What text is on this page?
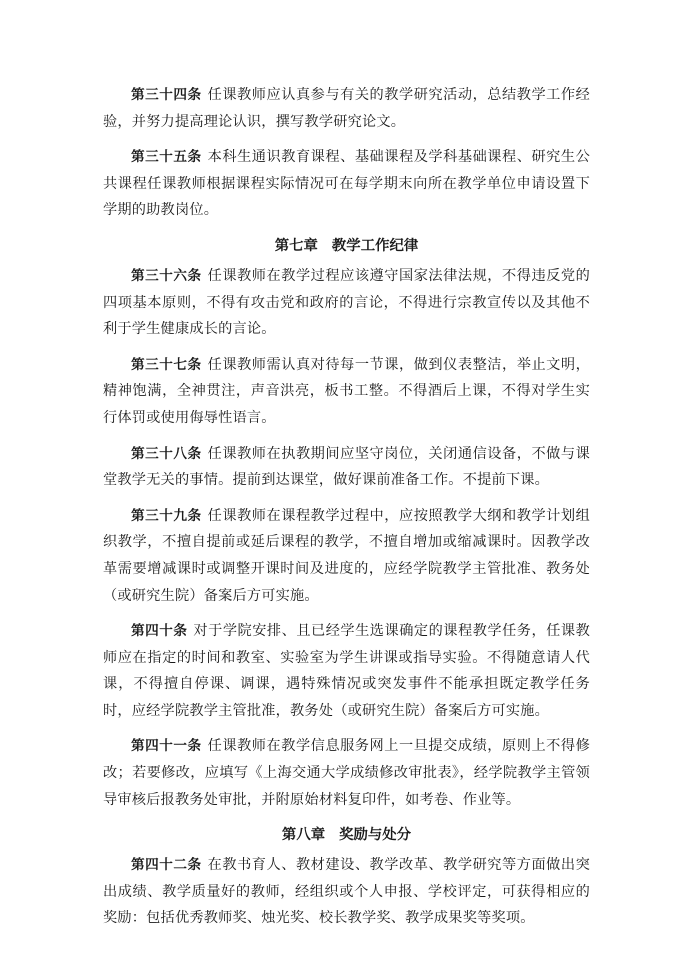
第三十四条 任课教师应认真参与有关的教学研究活动，总结教学工作经验，并努力提高理论认识，撰写教学研究论文。

第三十五条 本科生通识教育课程、基础课程及学科基础课程、研究生公共课程任课教师根据课程实际情况可在每学期末向所在教学单位申请设置下学期的助教岗位。

第七章 教学工作纪律

第三十六条 任课教师在教学过程应该遵守国家法律法规，不得违反党的四项基本原则，不得有攻击党和政府的言论，不得进行宗教宣传以及其他不利于学生健康成长的言论。

第三十七条 任课教师需认真对待每一节课，做到仪表整洁，举止文明，精神饱满，全神贯注，声音洪亮，板书工整。不得酒后上课，不得对学生实行体罚或使用侮辱性语言。

第三十八条 任课教师在执教期间应坚守岗位，关闭通信设备，不做与课堂教学无关的事情。提前到达课堂，做好课前准备工作。不提前下课。

第三十九条 任课教师在课程教学过程中，应按照教学大纲和教学计划组织教学，不擅自提前或延后课程的教学，不擅自增加或缩减课时。因教学改革需要增减课时或调整开课时间及进度的，应经学院教学主管批准、教务处（或研究生院）备案后方可实施。

第四十条 对于学院安排、且已经学生选课确定的课程教学任务，任课教师应在指定的时间和教室、实验室为学生讲课或指导实验。不得随意请人代课，不得擅自停课、调课，遇特殊情况或突发事件不能承担既定教学任务时，应经学院教学主管批准，教务处（或研究生院）备案后方可实施。

第四十一条 任课教师在教学信息服务网上一旦提交成绩，原则上不得修改；若要修改，应填写《上海交通大学成绩修改审批表》，经学院教学主管领导审核后报教务处审批，并附原始材料复印件，如考卷、作业等。

第八章 奖励与处分

第四十二条 在教书育人、教材建设、教学改革、教学研究等方面做出突出成绩、教学质量好的教师，经组织或个人申报、学校评定，可获得相应的奖励：包括优秀教师奖、烛光奖、校长教学奖、教学成果奖等奖项。
